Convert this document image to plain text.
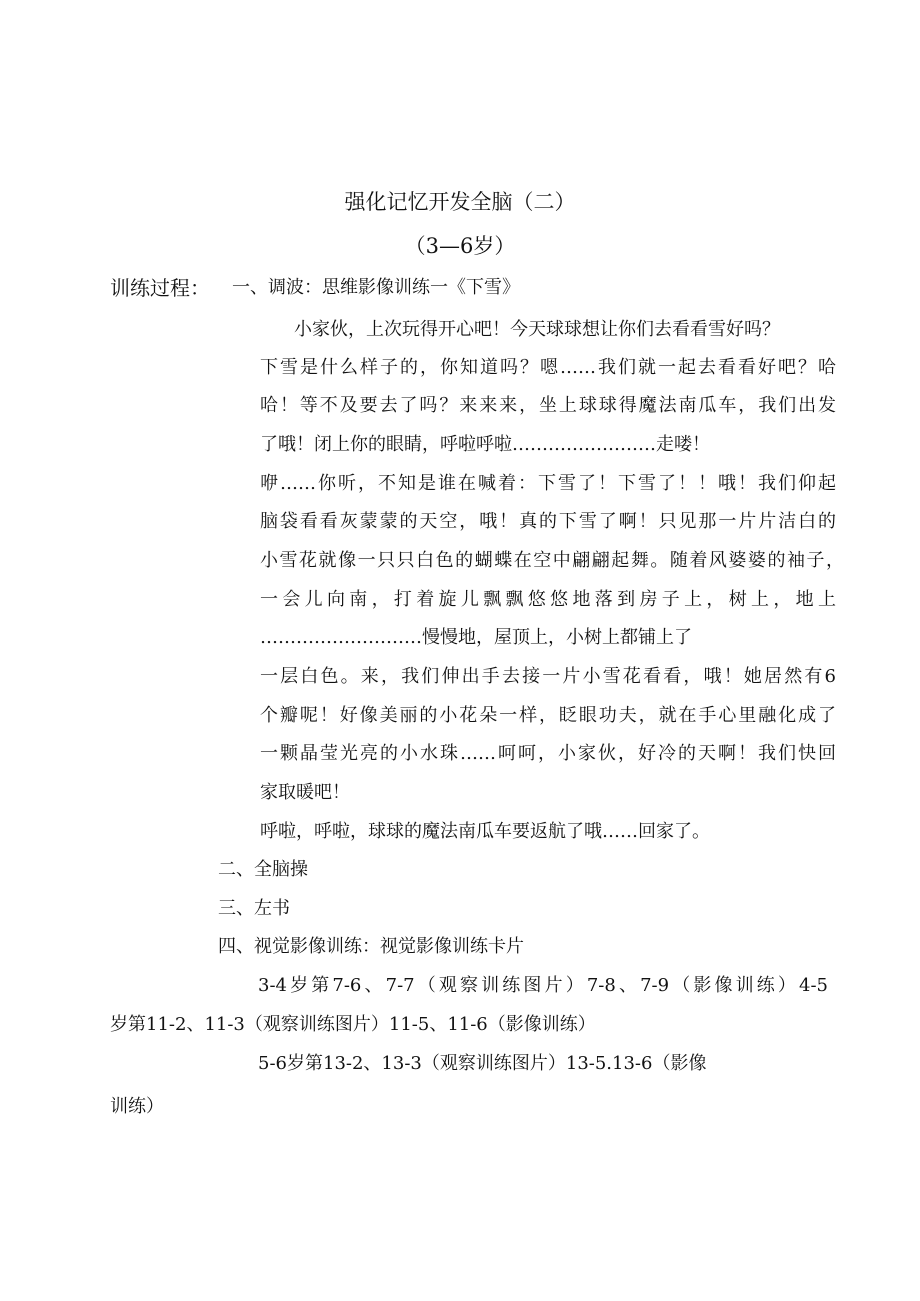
强化记忆开发全脑（二）
（3—6岁）
训练过程： 一、调波：思维影像训练一《下雪》
小家伙，上次玩得开心吧！今天球球想让你们去看看雪好吗？
下雪是什么样子的，你知道吗？嗯……我们就一起去看看好吧？哈
哈！等不及要去了吗？来来来，坐上球球得魔法南瓜车，我们出发
了哦！闭上你的眼睛，呼啦呼啦……………………走喽！
咿……你听，不知是谁在喊着：下雪了！下雪了！！哦！我们仰起
脑袋看看灰蒙蒙的天空，哦！真的下雪了啊！只见那一片片洁白的
小雪花就像一只只白色的蝴蝶在空中翩翩起舞。随着风婆婆的袖子，
一会儿向南，打着旋儿飘飘悠悠地落到房子上，树上，地上
………………………慢慢地，屋顶上，小树上都铺上了
一层白色。来，我们伸出手去接一片小雪花看看，哦！她居然有6
个瓣呢！好像美丽的小花朵一样，眨眼功夫，就在手心里融化成了
一颗晶莹光亮的小水珠……呵呵，小家伙，好冷的天啊！我们快回
家取暖吧！
呼啦，呼啦，球球的魔法南瓜车要返航了哦……回家了。
二、全脑操
三、左书
四、视觉影像训练：视觉影像训练卡片
3-4岁第7-6、7-7（观察训练图片）7-8、7-9（影像训练）4-5
岁第11-2、11-3（观察训练图片）11-5、11-6（影像训练）
5-6岁第13-2、13-3（观察训练图片）13-5.13-6（影像
训练）
